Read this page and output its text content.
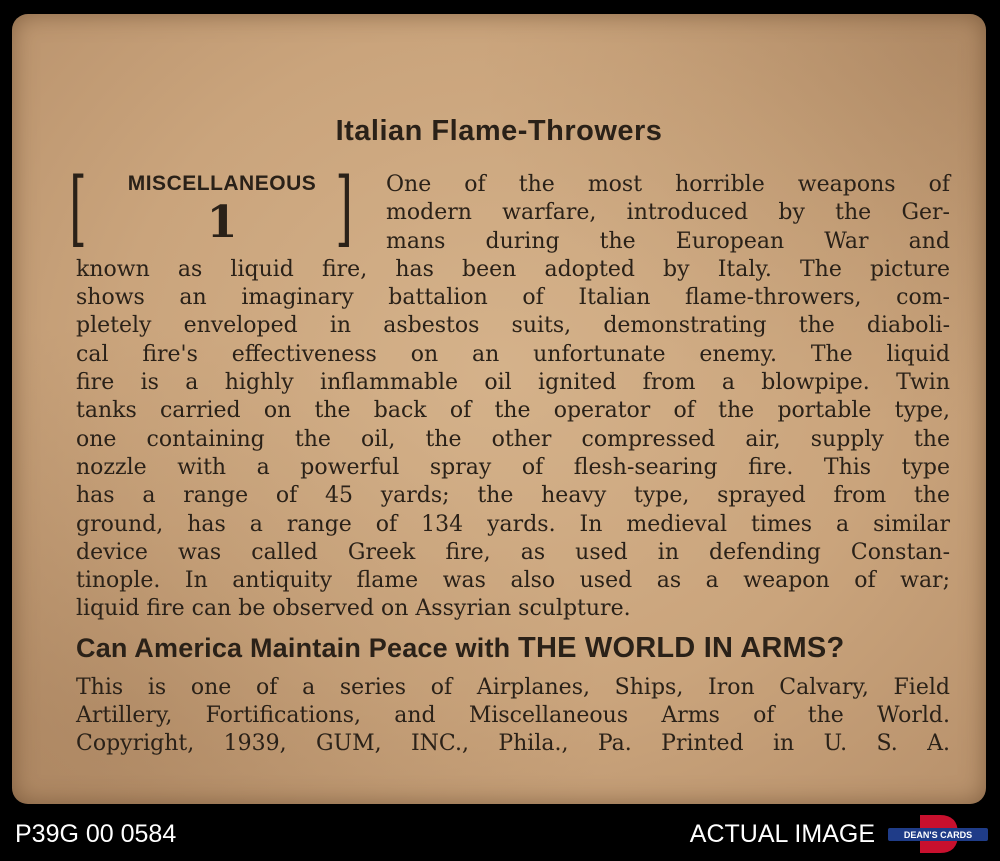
Italian Flame-Throwers
[	]
MISCELLANEOUS
1
One of the most horrible weapons of
modern warfare, introduced by the Ger-
mans during the European War and
known as liquid fire, has been adopted by Italy. The picture
shows an imaginary battalion of Italian flame-throwers, com-
pletely enveloped in asbestos suits, demonstrating the diaboli-
cal fire's effectiveness on an unfortunate enemy. The liquid
fire is a highly inflammable oil ignited from a blowpipe. Twin
tanks carried on the back of the operator of the portable type,
one containing the oil, the other compressed air, supply the
nozzle with a powerful spray of flesh-searing fire. This type
has a range of 45 yards; the heavy type, sprayed from the
ground, has a range of 134 yards. In medieval times a similar
device was called Greek fire, as used in defending Constan-
tinople. In antiquity flame was also used as a weapon of war;
liquid fire can be observed on Assyrian sculpture.
Can America Maintain Peace with THE WORLD IN ARMS?
This is one of a series of Airplanes, Ships, Iron Calvary, Field
Artillery, Fortifications, and Miscellaneous Arms of the World.
Copyright, 1939, GUM, INC., Phila., Pa. Printed in U. S. A.
P39G 00 0584	ACTUAL IMAGE	DEAN'S CARDS
